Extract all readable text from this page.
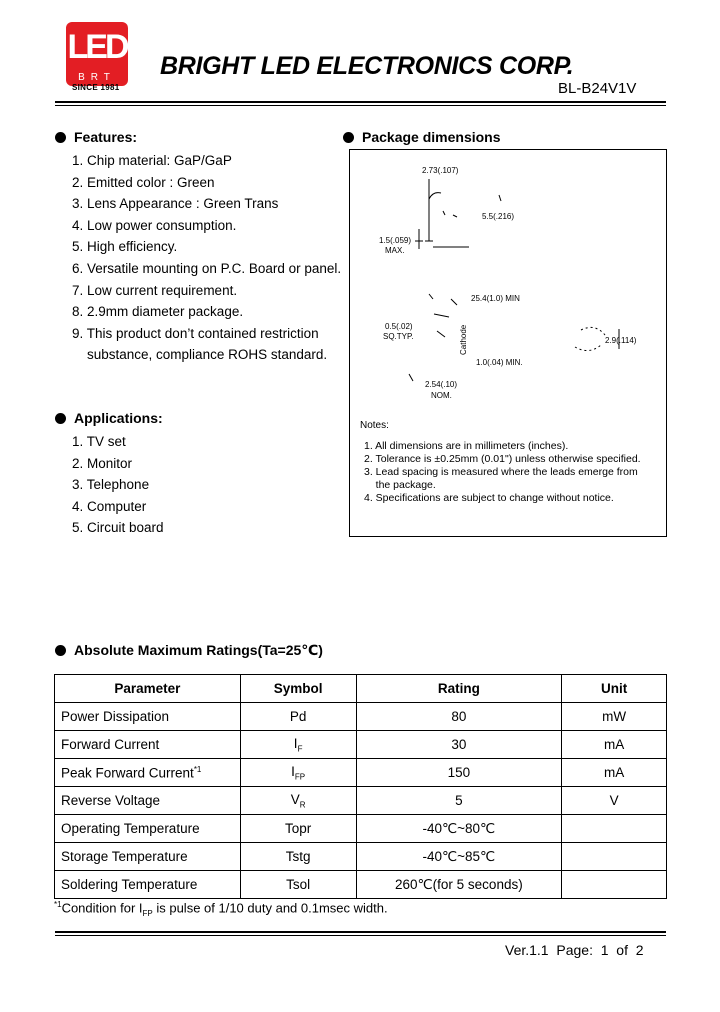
LED
BRT
SINCE 1981
BRIGHT LED ELECTRONICS CORP.
BL-B24V1V
Features:
1. Chip material: GaP/GaP
2. Emitted color : Green
3. Lens Appearance : Green Trans
4. Low power consumption.
5. High efficiency.
6. Versatile mounting on P.C. Board or panel.
7. Low current requirement.
8. 2.9mm diameter package.
9. This product don’t contained restriction
substance, compliance ROHS standard.
Applications:
1. TV set
2. Monitor
3. Telephone
4. Computer
5. Circuit board
Package dimensions
2.73(.107)
5.5(.216)
1.5(.059)
MAX.
25.4(1.0) MIN
0.5(.02)
SQ.TYP.	Cathode	2.9(.114)
1.0(.04) MIN.
2.54(.10)
NOM.
Notes:
1. All dimensions are in millimeters (inches).
2. Tolerance is ±0.25mm (0.01") unless otherwise specified.
3. Lead spacing is measured where the leads emerge from
the package.
4. Specifications are subject to change without notice.
Absolute Maximum Ratings(Ta=25℃)
Parameter	Symbol	Rating	Unit
Power Dissipation	Pd	80	mW
Forward Current	$I_F$	30	mA
Peak Forward Current$^{*1}$	$I_{FP}$	150	mA
Reverse Voltage	$V_R$	5	V
Operating Temperature	Topr	-40℃~80℃	
Storage Temperature	Tstg	-40℃~85℃	
Soldering Temperature	Tsol	260℃(for 5 seconds)	
$^{*1}$Condition for $I_{FP}$ is pulse of 1/10 duty and 0.1msec width.
Ver.1.1  Page:  1  of  2
